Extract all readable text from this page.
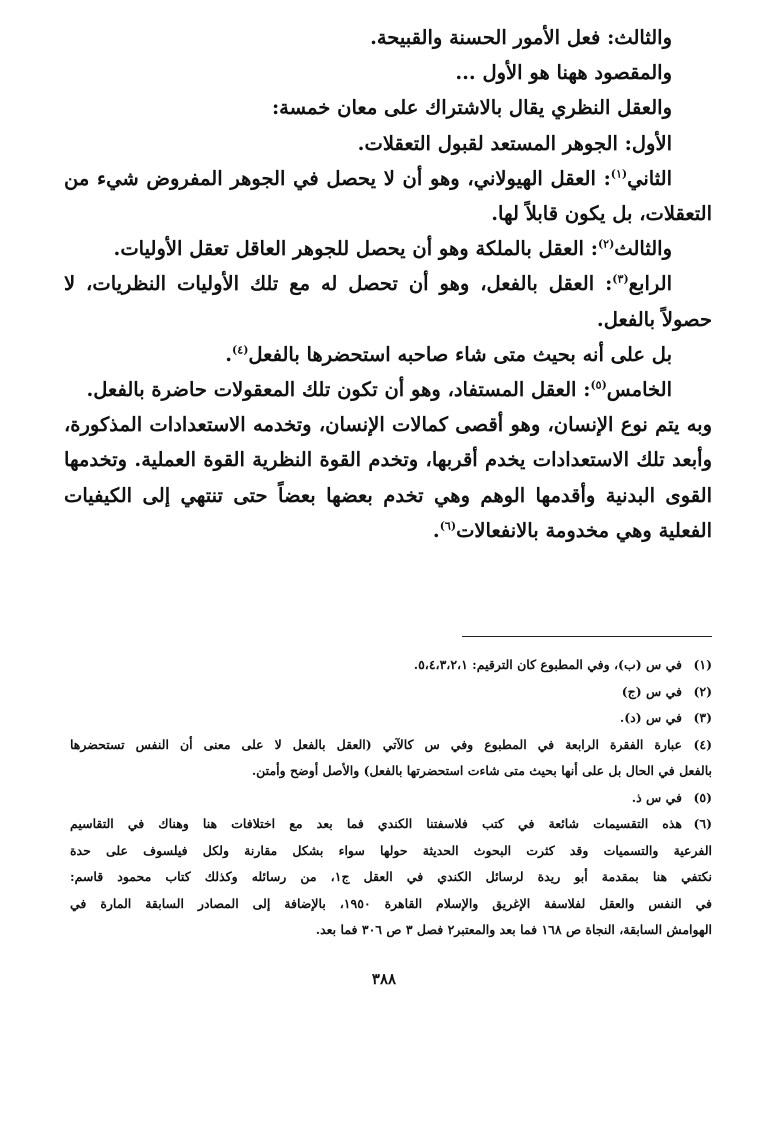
والثالث: فعل الأمور الحسنة والقبيحة.
والمقصود ههنا هو الأول ...
والعقل النظري يقال بالاشتراك على معان خمسة:
الأول: الجوهر المستعد لقبول التعقلات.
الثاني$^{(١)}$: العقل الهيولاني، وهو أن لا يحصل في الجوهر المفروض شيء من
التعقلات، بل يكون قابلاً لها.
والثالث$^{(٢)}$: العقل بالملكة وهو أن يحصل للجوهر العاقل تعقل الأوليات.
الرابع$^{(٣)}$: العقل بالفعل، وهو أن تحصل له مع تلك الأوليات النظريات، لا
حصولاً بالفعل.
بل على أنه بحيث متى شاء صاحبه استحضرها بالفعل$^{(٤)}$.
الخامس$^{(٥)}$: العقل المستفاد، وهو أن تكون تلك المعقولات حاضرة بالفعل.
وبه يتم نوع الإنسان، وهو أقصى كمالات الإنسان، وتخدمه الاستعدادات المذكورة،
وأبعد تلك الاستعدادات يخدم أقربها، وتخدم القوة النظرية القوة العملية. وتخدمها
القوى البدنية وأقدمها الوهم وهي تخدم بعضها بعضاً حتى تنتهي إلى الكيفيات
الفعلية وهي مخدومة بالانفعالات$^{(٦)}$.
(١)في س (ب)، وفي المطبوع كان الترقيم: ٥،٤،٣،٢،١.
(٢)في س (ج)
(٣)في س (د).
(٤)عبارة الفقرة الرابعة في المطبوع وفي س كالآتي (العقل بالفعل لا على معنى أن النفس تستحضرها
بالفعل في الحال بل على أنها بحيث متى شاءت استحضرتها بالفعل) والأصل أوضح وأمتن.
(٥)في س ذ.
(٦)هذه التقسيمات شائعة في كتب فلاسفتنا الكندي فما بعد مع اختلافات هنا وهناك في التقاسيم
الفرعية والتسميات وقد كثرت البحوث الحديثة حولها سواء بشكل مقارنة ولكل فيلسوف على حدة
نكتفي هنا بمقدمة أبو ريدة لرسائل الكندي في العقل ج١، من رسائله وكذلك كتاب محمود قاسم:
في النفس والعقل لفلاسفة الإغريق والإسلام القاهرة ١٩٥٠، بالإضافة إلى المصادر السابقة المارة في
الهوامش السابقة، النجاة ص ١٦٨ فما بعد والمعتبر٢ فصل ٣ ص ٣٠٦ فما بعد.
٣٨٨
